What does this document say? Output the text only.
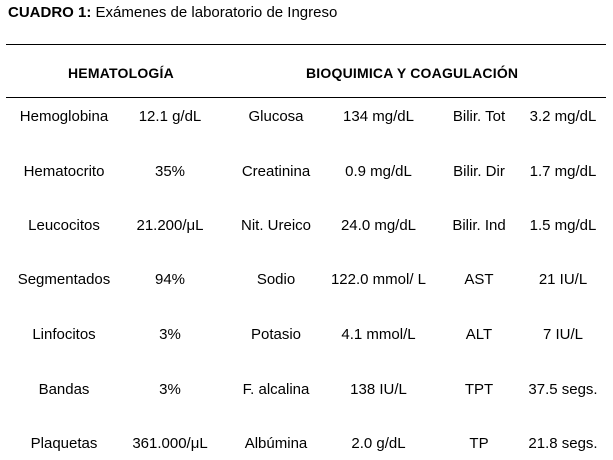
CUADRO 1: Exámenes de laboratorio de Ingreso
HEMATOLOGÍA	BIOQUIMICA Y COAGULACIÓN
Hemoglobina	12.1 g/dL	Glucosa	134 mg/dL	Bilir. Tot	3.2 mg/dL
Hematocrito	35%	Creatinina	0.9 mg/dL	Bilir. Dir	1.7 mg/dL
Leucocitos	21.200/μL	Nit. Ureico	24.0 mg/dL	Bilir. Ind	1.5 mg/dL
Segmentados	94%	Sodio	122.0 mmol/ L	AST	21 IU/L
Linfocitos	3%	Potasio	4.1 mmol/L	ALT	7 IU/L
Bandas	3%	F. alcalina	138 IU/L	TPT	37.5 segs.
Plaquetas	361.000/μL	Albúmina	2.0 g/dL	TP	21.8 segs.
